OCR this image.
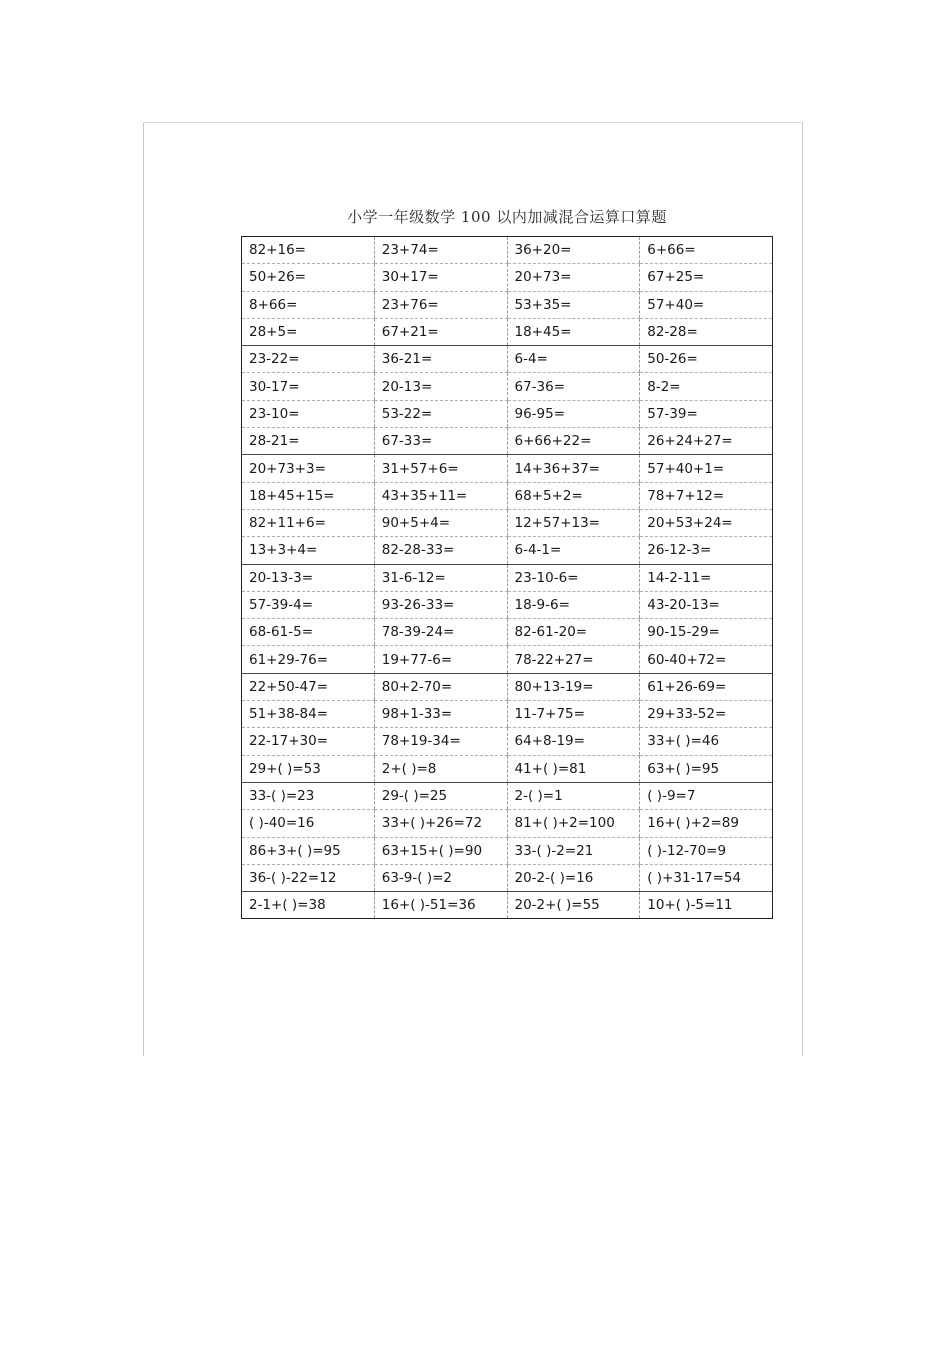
小学一年级数学 100 以内加减混合运算口算题
82+16=	23+74=	36+20=	6+66=
50+26=	30+17=	20+73=	67+25=
8+66=	23+76=	53+35=	57+40=
28+5=	67+21=	18+45=	82-28=
23-22=	36-21=	6-4=	50-26=
30-17=	20-13=	67-36=	8-2=
23-10=	53-22=	96-95=	57-39=
28-21=	67-33=	6+66+22=	26+24+27=
20+73+3=	31+57+6=	14+36+37=	57+40+1=
18+45+15=	43+35+11=	68+5+2=	78+7+12=
82+11+6=	90+5+4=	12+57+13=	20+53+24=
13+3+4=	82-28-33=	6-4-1=	26-12-3=
20-13-3=	31-6-12=	23-10-6=	14-2-11=
57-39-4=	93-26-33=	18-9-6=	43-20-13=
68-61-5=	78-39-24=	82-61-20=	90-15-29=
61+29-76=	19+77-6=	78-22+27=	60-40+72=
22+50-47=	80+2-70=	80+13-19=	61+26-69=
51+38-84=	98+1-33=	11-7+75=	29+33-52=
22-17+30=	78+19-34=	64+8-19=	33+( )=46
29+( )=53	2+( )=8	41+( )=81	63+( )=95
33-( )=23	29-( )=25	2-( )=1	( )-9=7
( )-40=16	33+( )+26=72	81+( )+2=100	16+( )+2=89
86+3+( )=95	63+15+( )=90	33-( )-2=21	( )-12-70=9
36-( )-22=12	63-9-( )=2	20-2-( )=16	( )+31-17=54
2-1+( )=38	16+( )-51=36	20-2+( )=55	10+( )-5=11
